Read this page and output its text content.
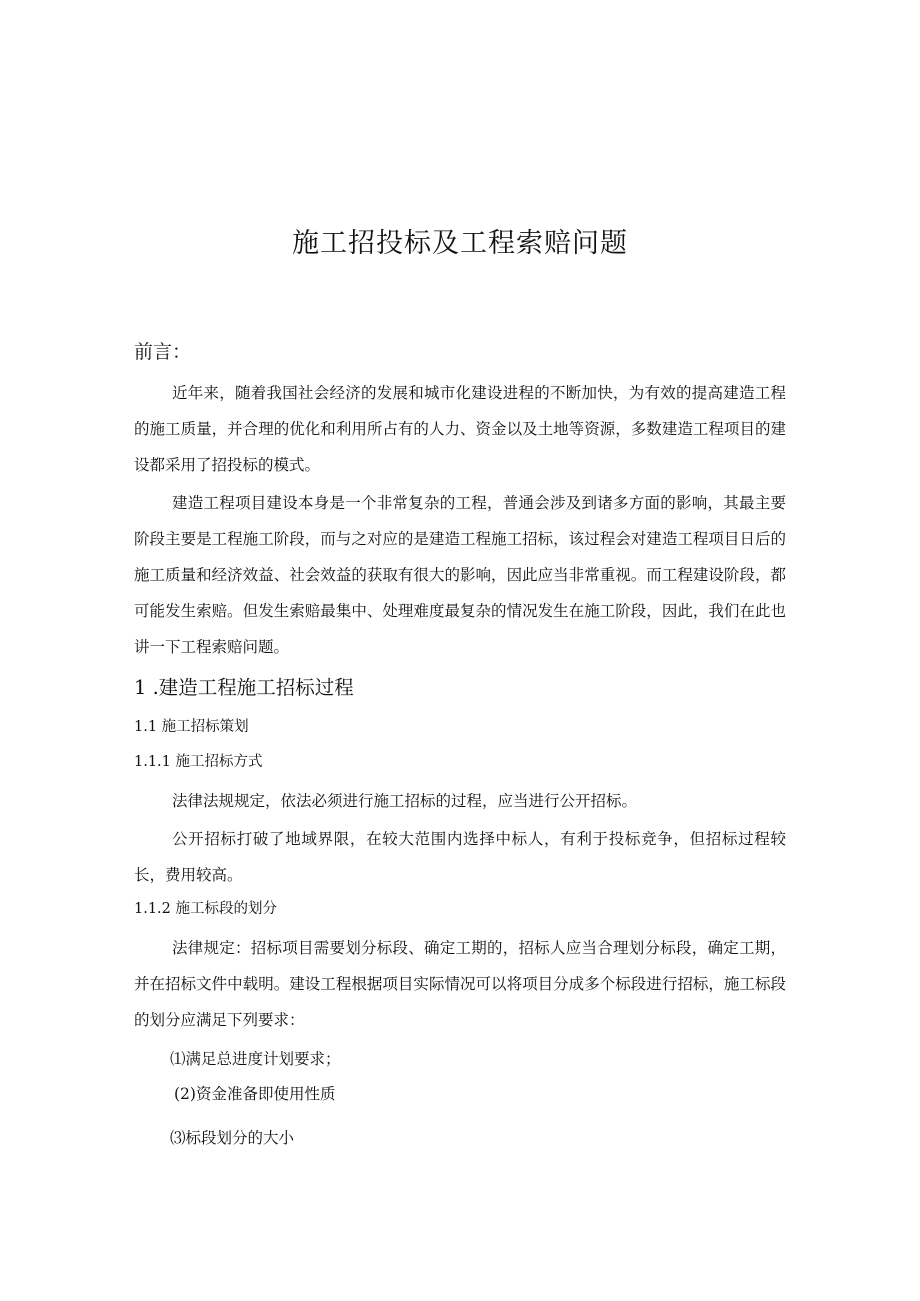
施工招投标及工程索赔问题
前言：
近年来，随着我国社会经济的发展和城市化建设进程的不断加快，为有效的提高建造工程的施工质量，并合理的优化和利用所占有的人力、资金以及土地等资源，多数建造工程项目的建设都采用了招投标的模式。
建造工程项目建设本身是一个非常复杂的工程，普通会涉及到诸多方面的影响，其最主要阶段主要是工程施工阶段，而与之对应的是建造工程施工招标，该过程会对建造工程项目日后的施工质量和经济效益、社会效益的获取有很大的影响，因此应当非常重视。而工程建设阶段，都可能发生索赔。但发生索赔最集中、处理难度最复杂的情况发生在施工阶段，因此，我们在此也讲一下工程索赔问题。
1 .建造工程施工招标过程
1.1 施工招标策划
1.1.1 施工招标方式
法律法规规定，依法必须进行施工招标的过程，应当进行公开招标。
公开招标打破了地域界限，在较大范围内选择中标人，有利于投标竞争，但招标过程较长，费用较高。
1.1.2 施工标段的划分
法律规定：招标项目需要划分标段、确定工期的，招标人应当合理划分标段，确定工期，并在招标文件中载明。建设工程根据项目实际情况可以将项目分成多个标段进行招标，施工标段的划分应满足下列要求：
⑴满足总进度计划要求；
(2)资金准备即使用性质
⑶标段划分的大小
